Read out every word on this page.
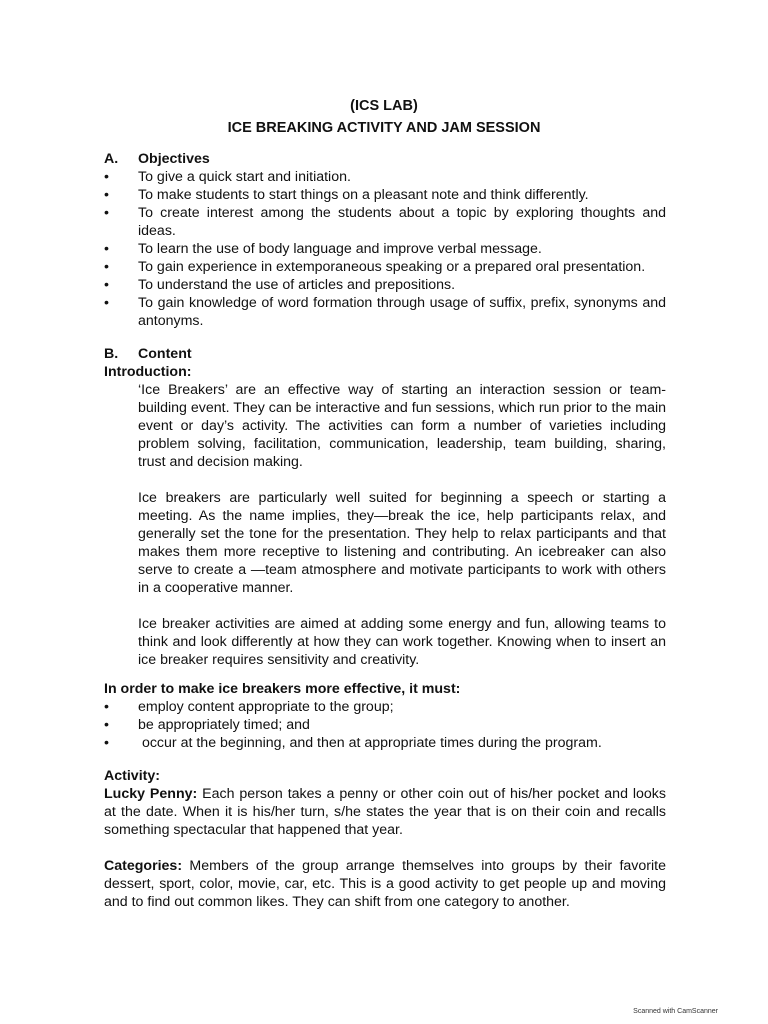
(ICS LAB)
ICE BREAKING ACTIVITY AND JAM SESSION
A.	Objectives
•	To give a quick start and initiation.
•	To make students to start things on a pleasant note and think differently.
•	To create interest among the students about a topic by exploring thoughts and ideas.
•	To learn the use of body language and improve verbal message.
•	To gain experience in extemporaneous speaking or a prepared oral presentation.
•	To understand the use of articles and prepositions.
•	To gain knowledge of word formation through usage of suffix, prefix, synonyms and antonyms.
B.	Content
Introduction:
‘Ice Breakers’ are an effective way of starting an interaction session or team-building event. They can be interactive and fun sessions, which run prior to the main event or day’s activity. The activities can form a number of varieties including problem solving, facilitation, communication, leadership, team building, sharing, trust and decision making.
Ice breakers are particularly well suited for beginning a speech or starting a meeting. As the name implies, they—break the ice, help participants relax, and generally set the tone for the presentation. They help to relax participants and that makes them more receptive to listening and contributing. An icebreaker can also serve to create a —team atmosphere and motivate participants to work with others in a cooperative manner.
Ice breaker activities are aimed at adding some energy and fun, allowing teams to think and look differently at how they can work together. Knowing when to insert an ice breaker requires sensitivity and creativity.
In order to make ice breakers more effective, it must:
•	employ content appropriate to the group;
•	be appropriately timed; and
•	occur at the beginning, and then at appropriate times during the program.
Activity:
Lucky Penny: Each person takes a penny or other coin out of his/her pocket and looks at the date. When it is his/her turn, s/he states the year that is on their coin and recalls something spectacular that happened that year.
Categories: Members of the group arrange themselves into groups by their favorite dessert, sport, color, movie, car, etc. This is a good activity to get people up and moving and to find out common likes. They can shift from one category to another.
Scanned with CamScanner
